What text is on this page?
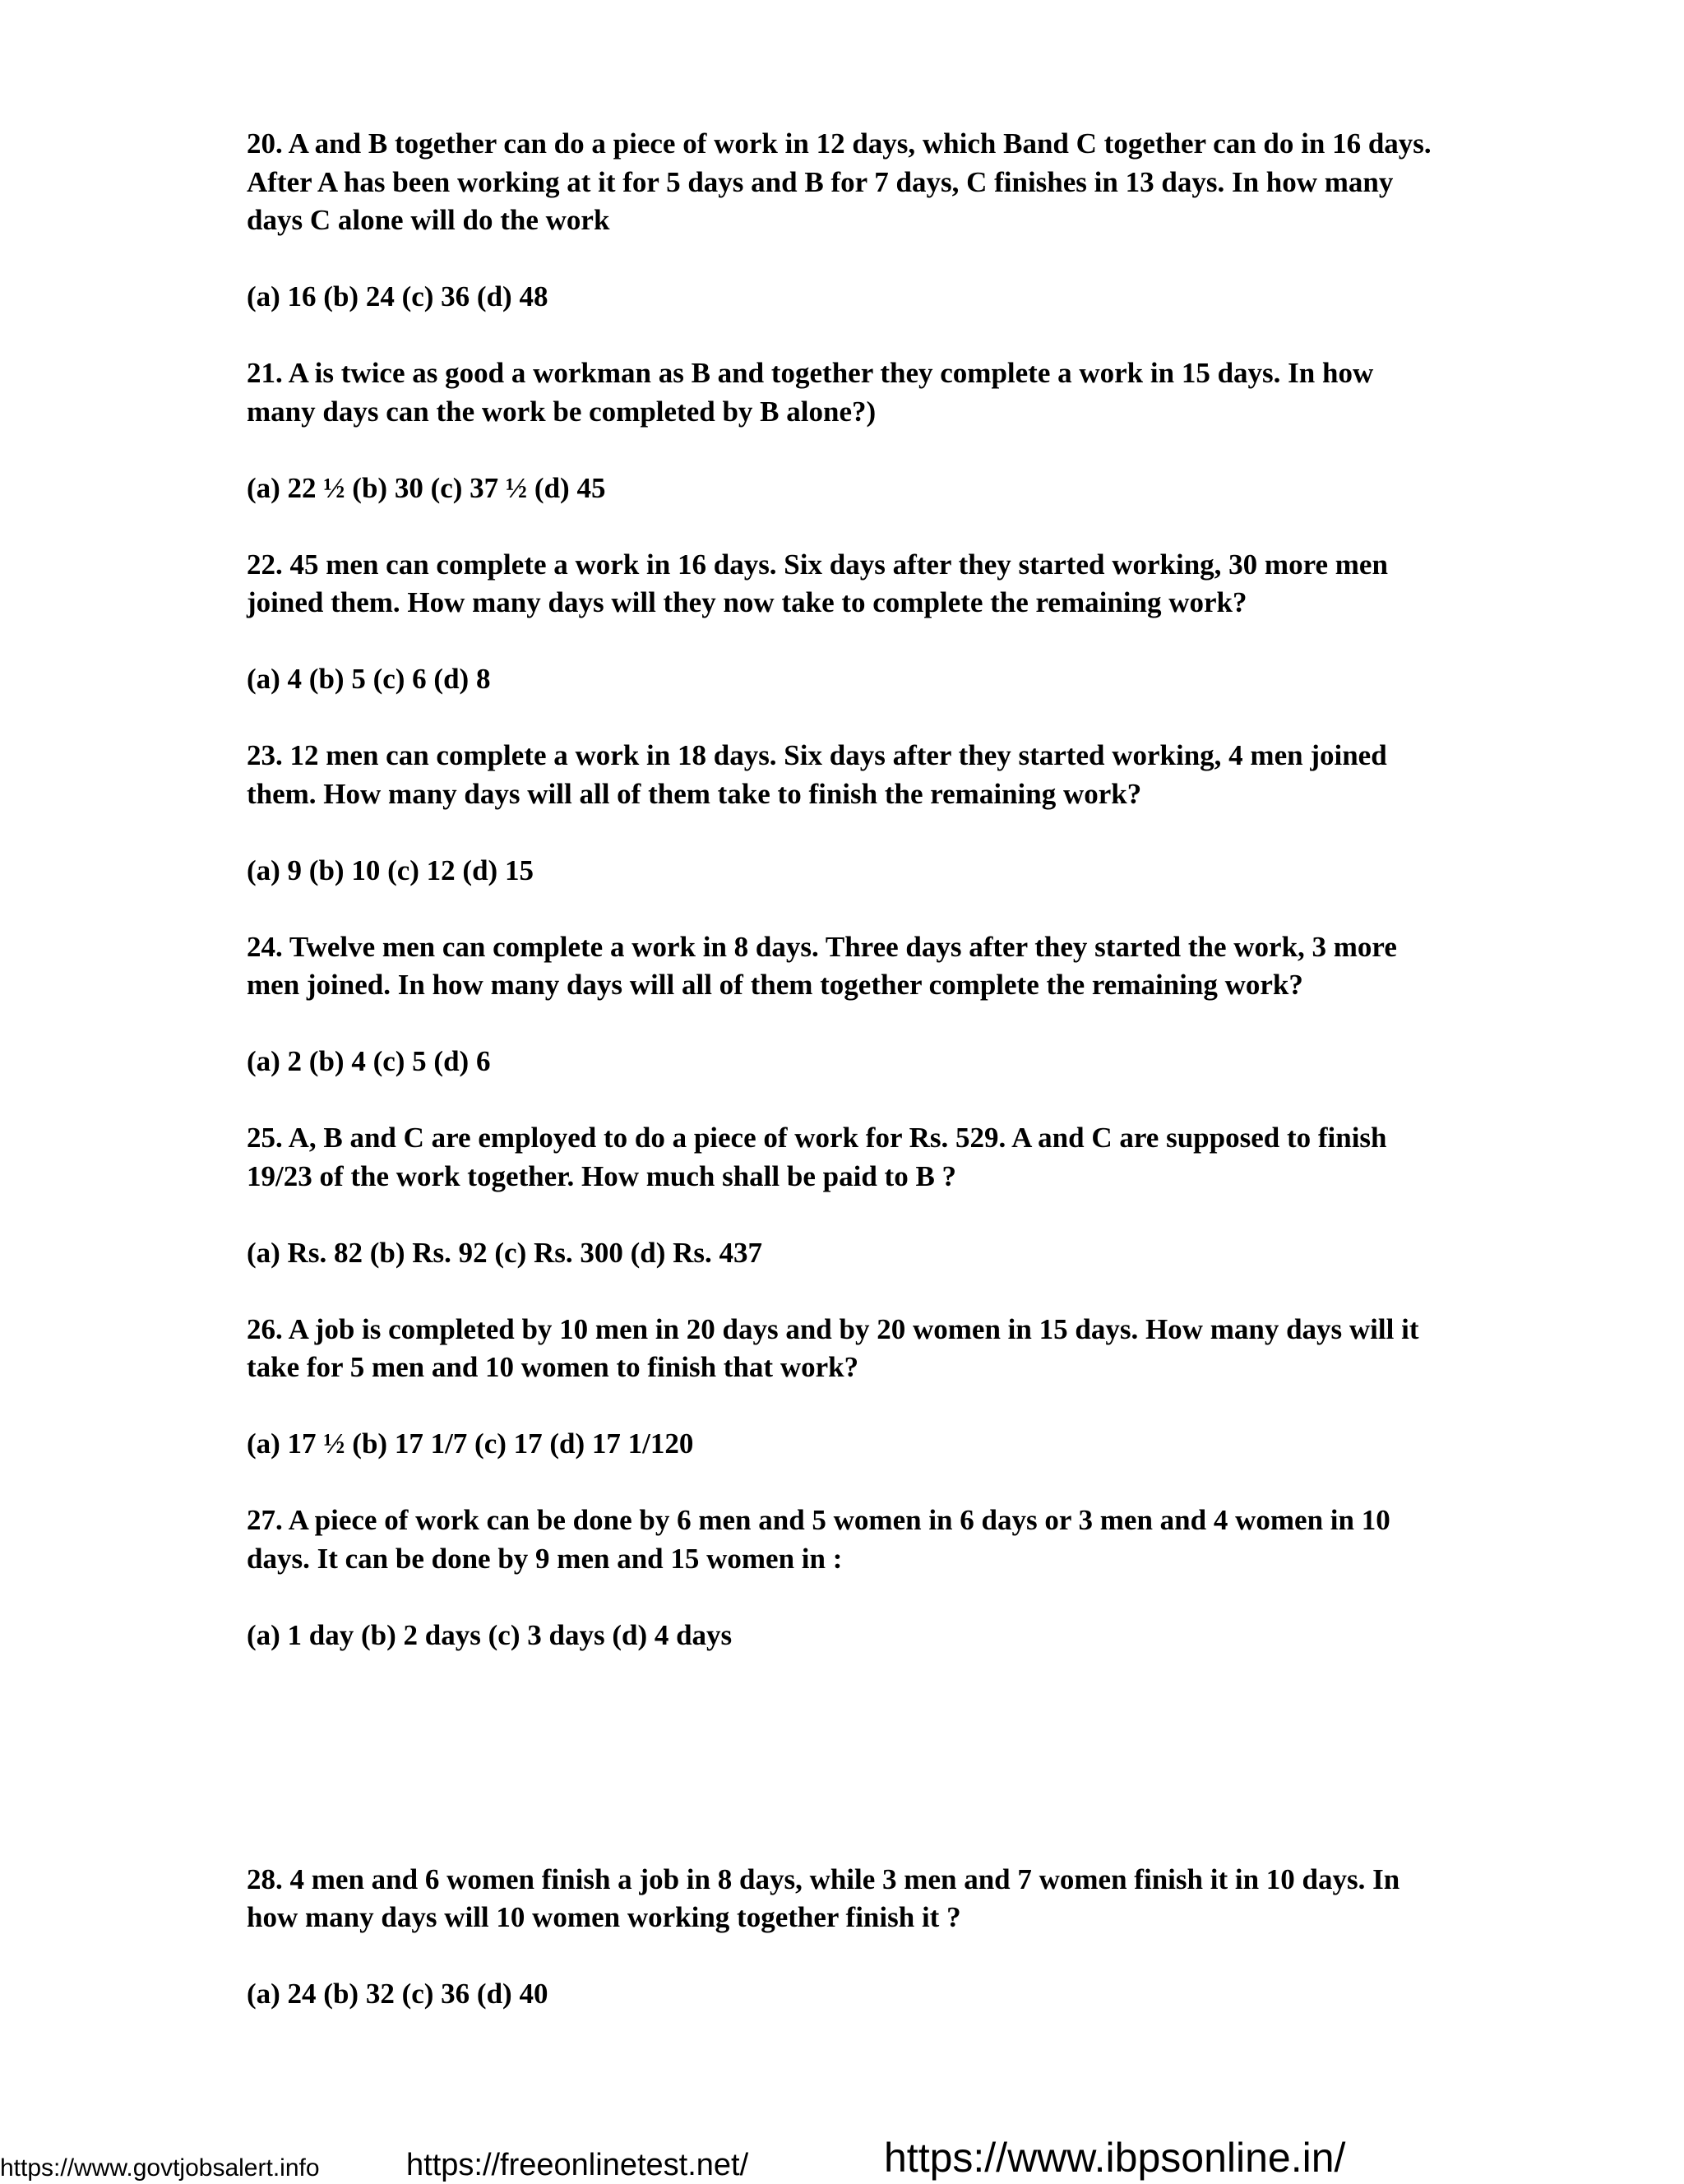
20. A and B together can do a piece of work in 12 days, which Band C together can do in 16 days. After A has been working at it for 5 days and B for 7 days, C finishes in 13 days. In how many days C alone will do the work

(a) 16 (b) 24 (c) 36 (d) 48

21. A is twice as good a workman as B and together they complete a work in 15 days. In how many days can the work be completed by B alone?)

(a) 22 ½ (b) 30 (c) 37 ½ (d) 45

22. 45 men can complete a work in 16 days. Six days after they started working, 30 more men joined them. How many days will they now take to complete the remaining work?

(a) 4 (b) 5 (c) 6 (d) 8

23. 12 men can complete a work in 18 days. Six days after they started working, 4 men joined them. How many days will all of them take to finish the remaining work?

(a) 9 (b) 10 (c) 12 (d) 15

24. Twelve men can complete a work in 8 days. Three days after they started the work, 3 more men joined. In how many days will all of them together complete the remaining work?

(a) 2 (b) 4 (c) 5 (d) 6

25. A, B and C are employed to do a piece of work for Rs. 529. A and C are supposed to finish 19/23 of the work together. How much shall be paid to B ?

(a) Rs. 82 (b) Rs. 92 (c) Rs. 300 (d) Rs. 437

26. A job is completed by 10 men in 20 days and by 20 women in 15 days. How many days will it take for 5 men and 10 women to finish that work?

(a) 17 ½ (b) 17 1/7 (c) 17 (d) 17 1/120

27. A piece of work can be done by 6 men and 5 women in 6 days or 3 men and 4 women in 10 days. It can be done by 9 men and 15 women in :

(a) 1 day (b) 2 days (c) 3 days (d) 4 days

28. 4 men and 6 women finish a job in 8 days, while 3 men and 7 women finish it in 10 days. In how many days will 10 women working together finish it ?

(a) 24 (b) 32 (c) 36 (d) 40

https://www.govtjobsalert.info	https://freeonlinetest.net/	https://www.ibpsonline.in/
